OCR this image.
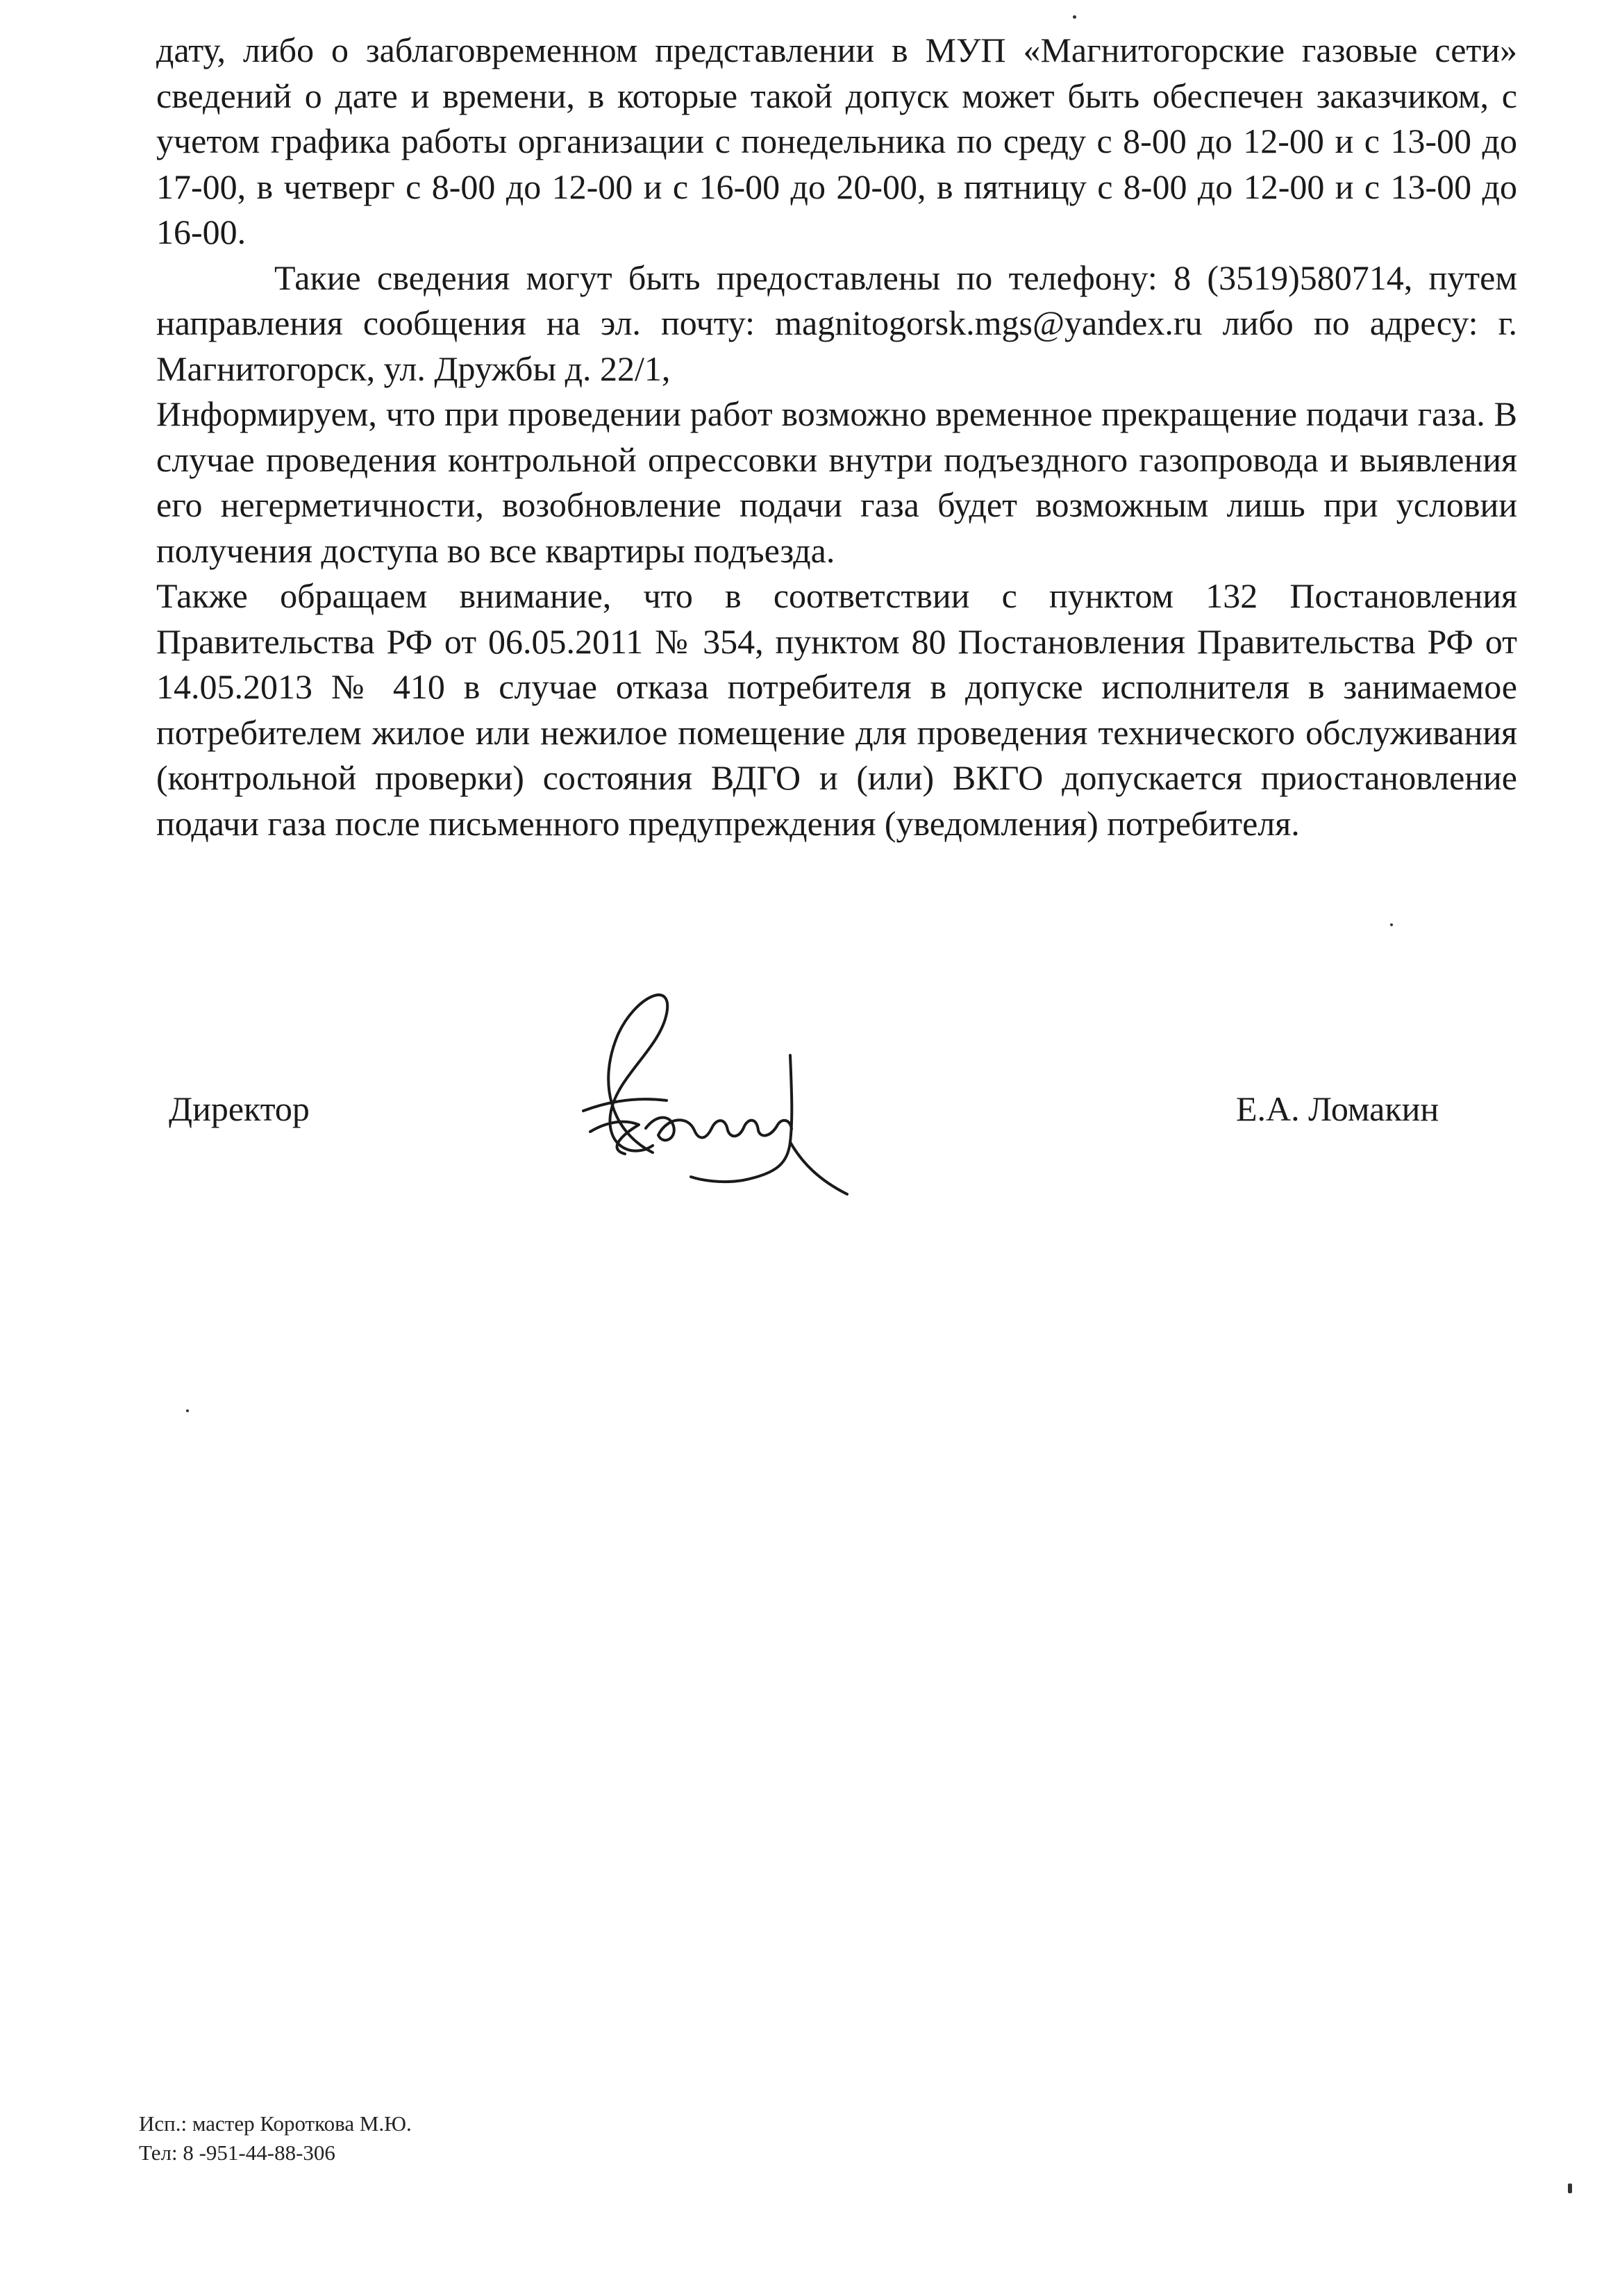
дату, либо о заблаговременном представлении в МУП «Магнитогорские газовые сети» сведений о дате и времени, в которые такой допуск может быть обеспечен заказчиком, с учетом графика работы организации с понедельника по среду с 8-00 до 12-00 и с 13-00 до 17-00, в четверг с 8-00 до 12-00 и с 16-00 до 20-00, в пятницу с 8-00 до 12-00 и с 13-00 до 16-00.

Такие сведения могут быть предоставлены по телефону: 8 (3519)580714, путем направления сообщения на эл. почту: magnitogorsk.mgs@yandex.ru либо по адресу: г. Магнитогорск, ул. Дружбы д. 22/1,

Информируем, что при проведении работ возможно временное прекращение подачи газа. В случае проведения контрольной опрессовки внутри подъездного газопровода и выявления его негерметичности, возобновление подачи газа будет возможным лишь при условии получения доступа во все квартиры подъезда.

Также обращаем внимание, что в соответствии с пунктом 132 Постановления Правительства РФ от 06.05.2011 № 354, пунктом 80 Постановления Правительства РФ от 14.05.2013 № 410 в случае отказа потребителя в допуске исполнителя в занимаемое потребителем жилое или нежилое помещение для проведения технического обслуживания (контрольной проверки) состояния ВДГО и (или) ВКГО допускается приостановление подачи газа после письменного предупреждения (уведомления) потребителя.

Директор	Е.А. Ломакин
Исп.: мастер Короткова М.Ю.
Тел: 8 -951-44-88-306
